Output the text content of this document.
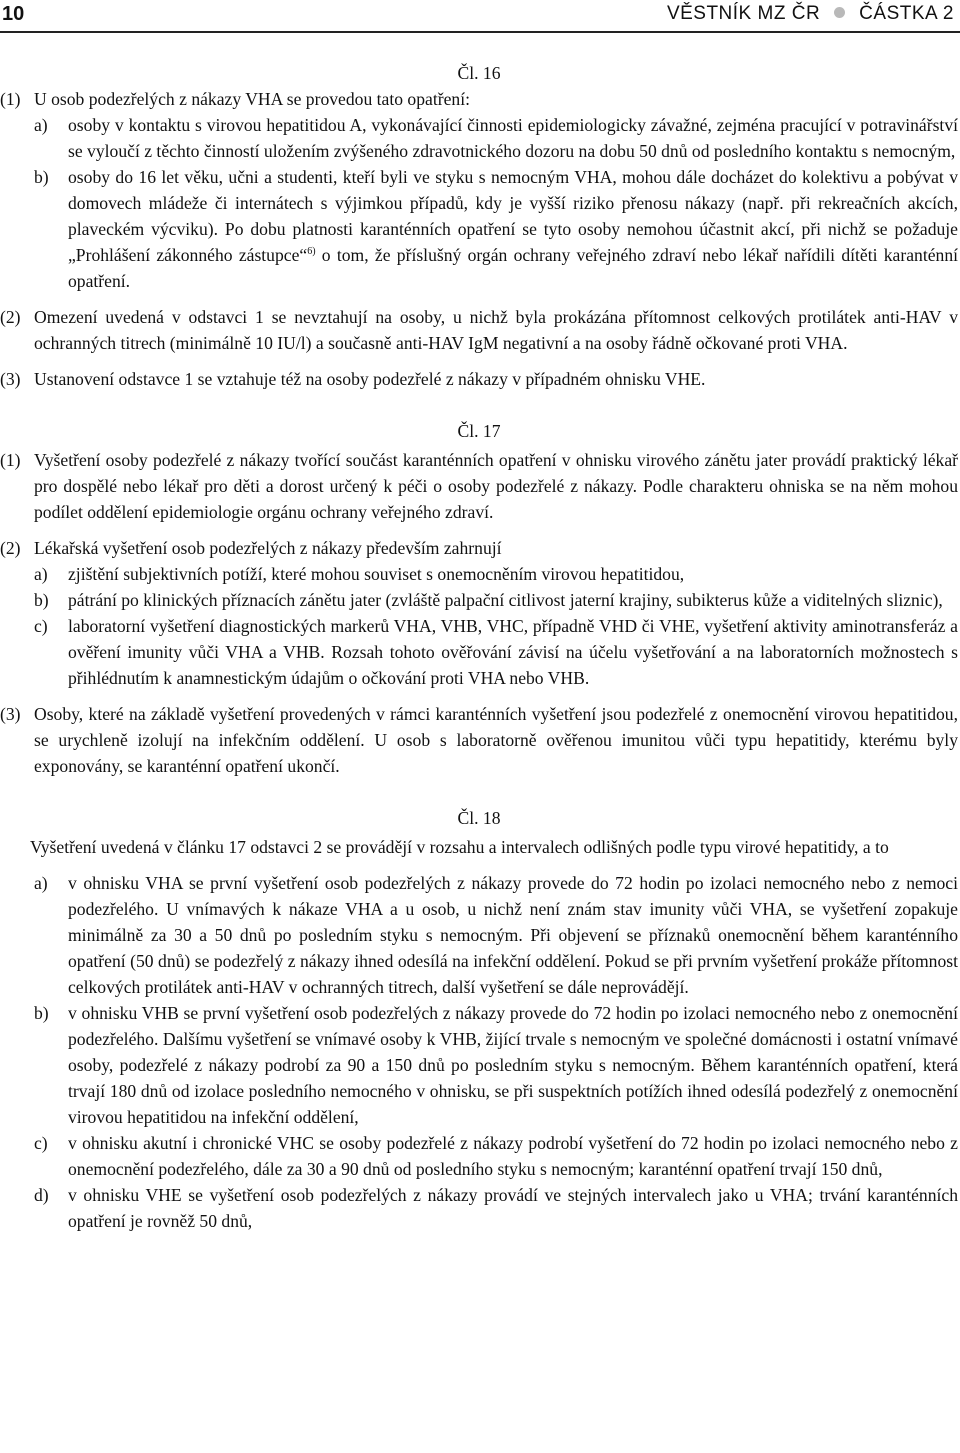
10	VĚSTNÍK MZ ČR ČÁSTKA 2

Čl. 16

(1) U osob podezřelých z nákazy VHA se provedou tato opatření:
a) osoby v kontaktu s virovou hepatitidou A, vykonávající činnosti epidemiologicky závažné, zejména pracující v potravinářství se vyloučí z těchto činností uložením zvýšeného zdravotnického dozoru na dobu 50 dnů od posledního kontaktu s nemocným,
b) osoby do 16 let věku, učni a studenti, kteří byli ve styku s nemocným VHA, mohou dále docházet do kolektivu a pobývat v domovech mládeže či internátech s výjimkou případů, kdy je vyšší riziko přenosu nákazy (např. při rekreačních akcích, plaveckém výcviku). Po dobu platnosti karanténních opatření se tyto osoby nemohou účastnit akcí, při nichž se požaduje „Prohlášení zákonného zástupce“$^{6)}$ o tom, že příslušný orgán ochrany veřejného zdraví nebo lékař nařídili dítěti karanténní opatření.
(2) Omezení uvedená v odstavci 1 se nevztahují na osoby, u nichž byla prokázána přítomnost celkových protilátek anti-HAV v ochranných titrech (minimálně 10 IU/l) a současně anti-HAV IgM negativní a na osoby řádně očkované proti VHA.
(3) Ustanovení odstavce 1 se vztahuje též na osoby podezřelé z nákazy v případném ohnisku VHE.

Čl. 17

(1) Vyšetření osoby podezřelé z nákazy tvořící součást karanténních opatření v ohnisku virového zánětu jater provádí praktický lékař pro dospělé nebo lékař pro děti a dorost určený k péči o osoby podezřelé z nákazy. Podle charakteru ohniska se na něm mohou podílet oddělení epidemiologie orgánu ochrany veřejného zdraví.
(2) Lékařská vyšetření osob podezřelých z nákazy především zahrnují
a) zjištění subjektivních potíží, které mohou souviset s onemocněním virovou hepatitidou,
b) pátrání po klinických příznacích zánětu jater (zvláště palpační citlivost jaterní krajiny, subikterus kůže a viditelných sliznic),
c) laboratorní vyšetření diagnostických markerů VHA, VHB, VHC, případně VHD či VHE, vyšetření aktivity aminotransferáz a ověření imunity vůči VHA a VHB. Rozsah tohoto ověřování závisí na účelu vyšetřování a na laboratorních možnostech s přihlédnutím k anamnestickým údajům o očkování proti VHA nebo VHB.
(3) Osoby, které na základě vyšetření provedených v rámci karanténních vyšetření jsou podezřelé z onemocnění virovou hepatitidou, se urychleně izolují na infekčním oddělení. U osob s laboratorně ověřenou imunitou vůči typu hepatitidy, kterému byly exponovány, se karanténní opatření ukončí.

Čl. 18

Vyšetření uvedená v článku 17 odstavci 2 se provádějí v rozsahu a intervalech odlišných podle typu virové hepatitidy, a to

a) v ohnisku VHA se první vyšetření osob podezřelých z nákazy provede do 72 hodin po izolaci nemocného nebo z nemoci podezřelého. U vnímavých k nákaze VHA a u osob, u nichž není znám stav imunity vůči VHA, se vyšetření zopakuje minimálně za 30 a 50 dnů po posledním styku s nemocným. Při objevení se příznaků onemocnění během karanténního opatření (50 dnů) se podezřelý z nákazy ihned odesílá na infekční oddělení. Pokud se při prvním vyšetření prokáže přítomnost celkových protilátek anti-HAV v ochranných titrech, další vyšetření se dále neprovádějí.
b) v ohnisku VHB se první vyšetření osob podezřelých z nákazy provede do 72 hodin po izolaci nemocného nebo z onemocnění podezřelého. Dalšímu vyšetření se vnímavé osoby k VHB, žijící trvale s nemocným ve společné domácnosti i ostatní vnímavé osoby, podezřelé z nákazy podrobí za 90 a 150 dnů po posledním styku s nemocným. Během karanténních opatření, která trvají 180 dnů od izolace posledního nemocného v ohnisku, se při suspektních potížích ihned odesílá podezřelý z onemocnění virovou hepatitidou na infekční oddělení,
c) v ohnisku akutní i chronické VHC se osoby podezřelé z nákazy podrobí vyšetření do 72 hodin po izolaci nemocného nebo z onemocnění podezřelého, dále za 30 a 90 dnů od posledního styku s nemocným; karanténní opatření trvají 150 dnů,
d) v ohnisku VHE se vyšetření osob podezřelých z nákazy provádí ve stejných intervalech jako u VHA; trvání karanténních opatření je rovněž 50 dnů,
